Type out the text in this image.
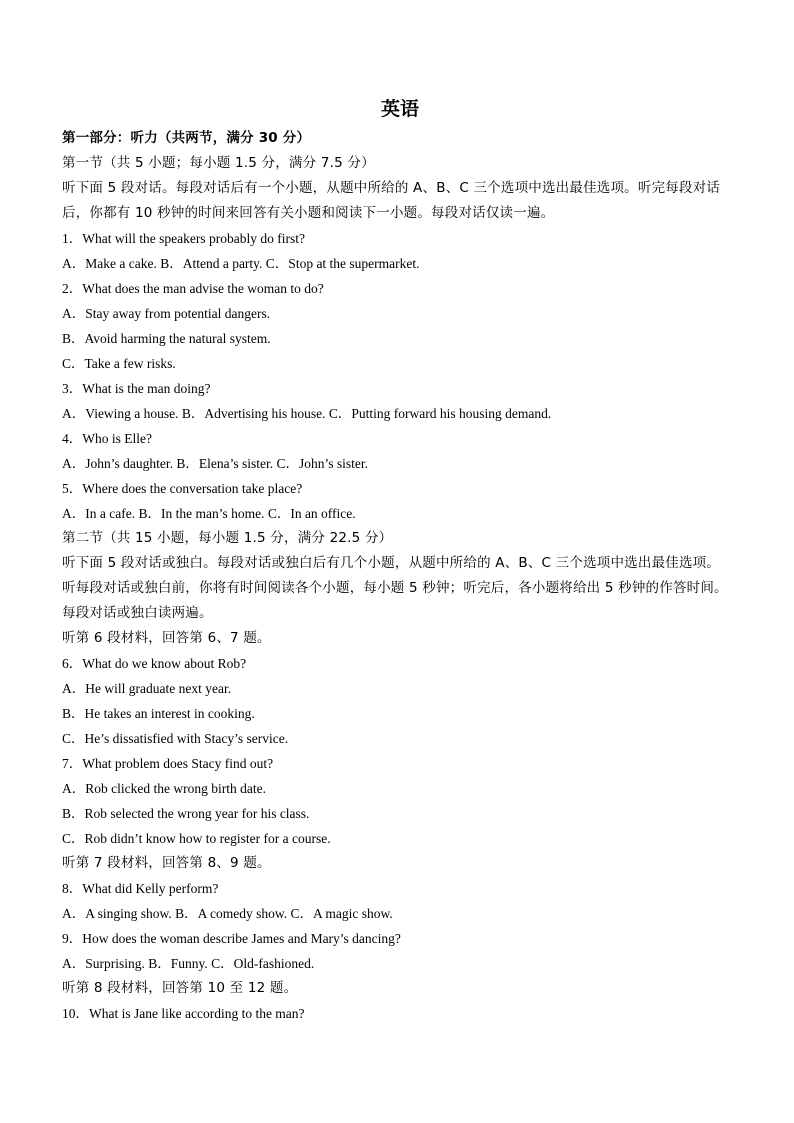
英语
第一部分：听力（共两节，满分 30 分）
第一节（共 5 小题；每小题 1.5 分，满分 7.5 分）
听下面 5 段对话。每段对话后有一个小题，从题中所给的 A、B、C 三个选项中选出最佳选项。听完每段对话
后，你都有 10 秒钟的时间来回答有关小题和阅读下一小题。每段对话仅读一遍。
1．What will the speakers probably do first?
A．Make a cake. B．Attend a party. C．Stop at the supermarket.
2．What does the man advise the woman to do?
A．Stay away from potential dangers.
B．Avoid harming the natural system.
C．Take a few risks.
3．What is the man doing?
A．Viewing a house. B．Advertising his house. C．Putting forward his housing demand.
4．Who is Elle?
A．John’s daughter. B．Elena’s sister. C．John’s sister.
5．Where does the conversation take place?
A．In a cafe. B．In the man’s home. C．In an office.
第二节（共 15 小题，每小题 1.5 分，满分 22.5 分）
听下面 5 段对话或独白。每段对话或独白后有几个小题，从题中所给的 A、B、C 三个选项中选出最佳选项。
听每段对话或独白前，你将有时间阅读各个小题，每小题 5 秒钟；听完后，各小题将给出 5 秒钟的作答时间。
每段对话或独白读两遍。
听第 6 段材料，回答第 6、7 题。
6．What do we know about Rob?
A．He will graduate next year.
B．He takes an interest in cooking.
C．He’s dissatisfied with Stacy’s service.
7．What problem does Stacy find out?
A．Rob clicked the wrong birth date.
B．Rob selected the wrong year for his class.
C．Rob didn’t know how to register for a course.
听第 7 段材料，回答第 8、9 题。
8．What did Kelly perform?
A．A singing show. B．A comedy show. C．A magic show.
9．How does the woman describe James and Mary’s dancing?
A．Surprising. B．Funny. C．Old-fashioned.
听第 8 段材料，回答第 10 至 12 题。
10．What is Jane like according to the man?
